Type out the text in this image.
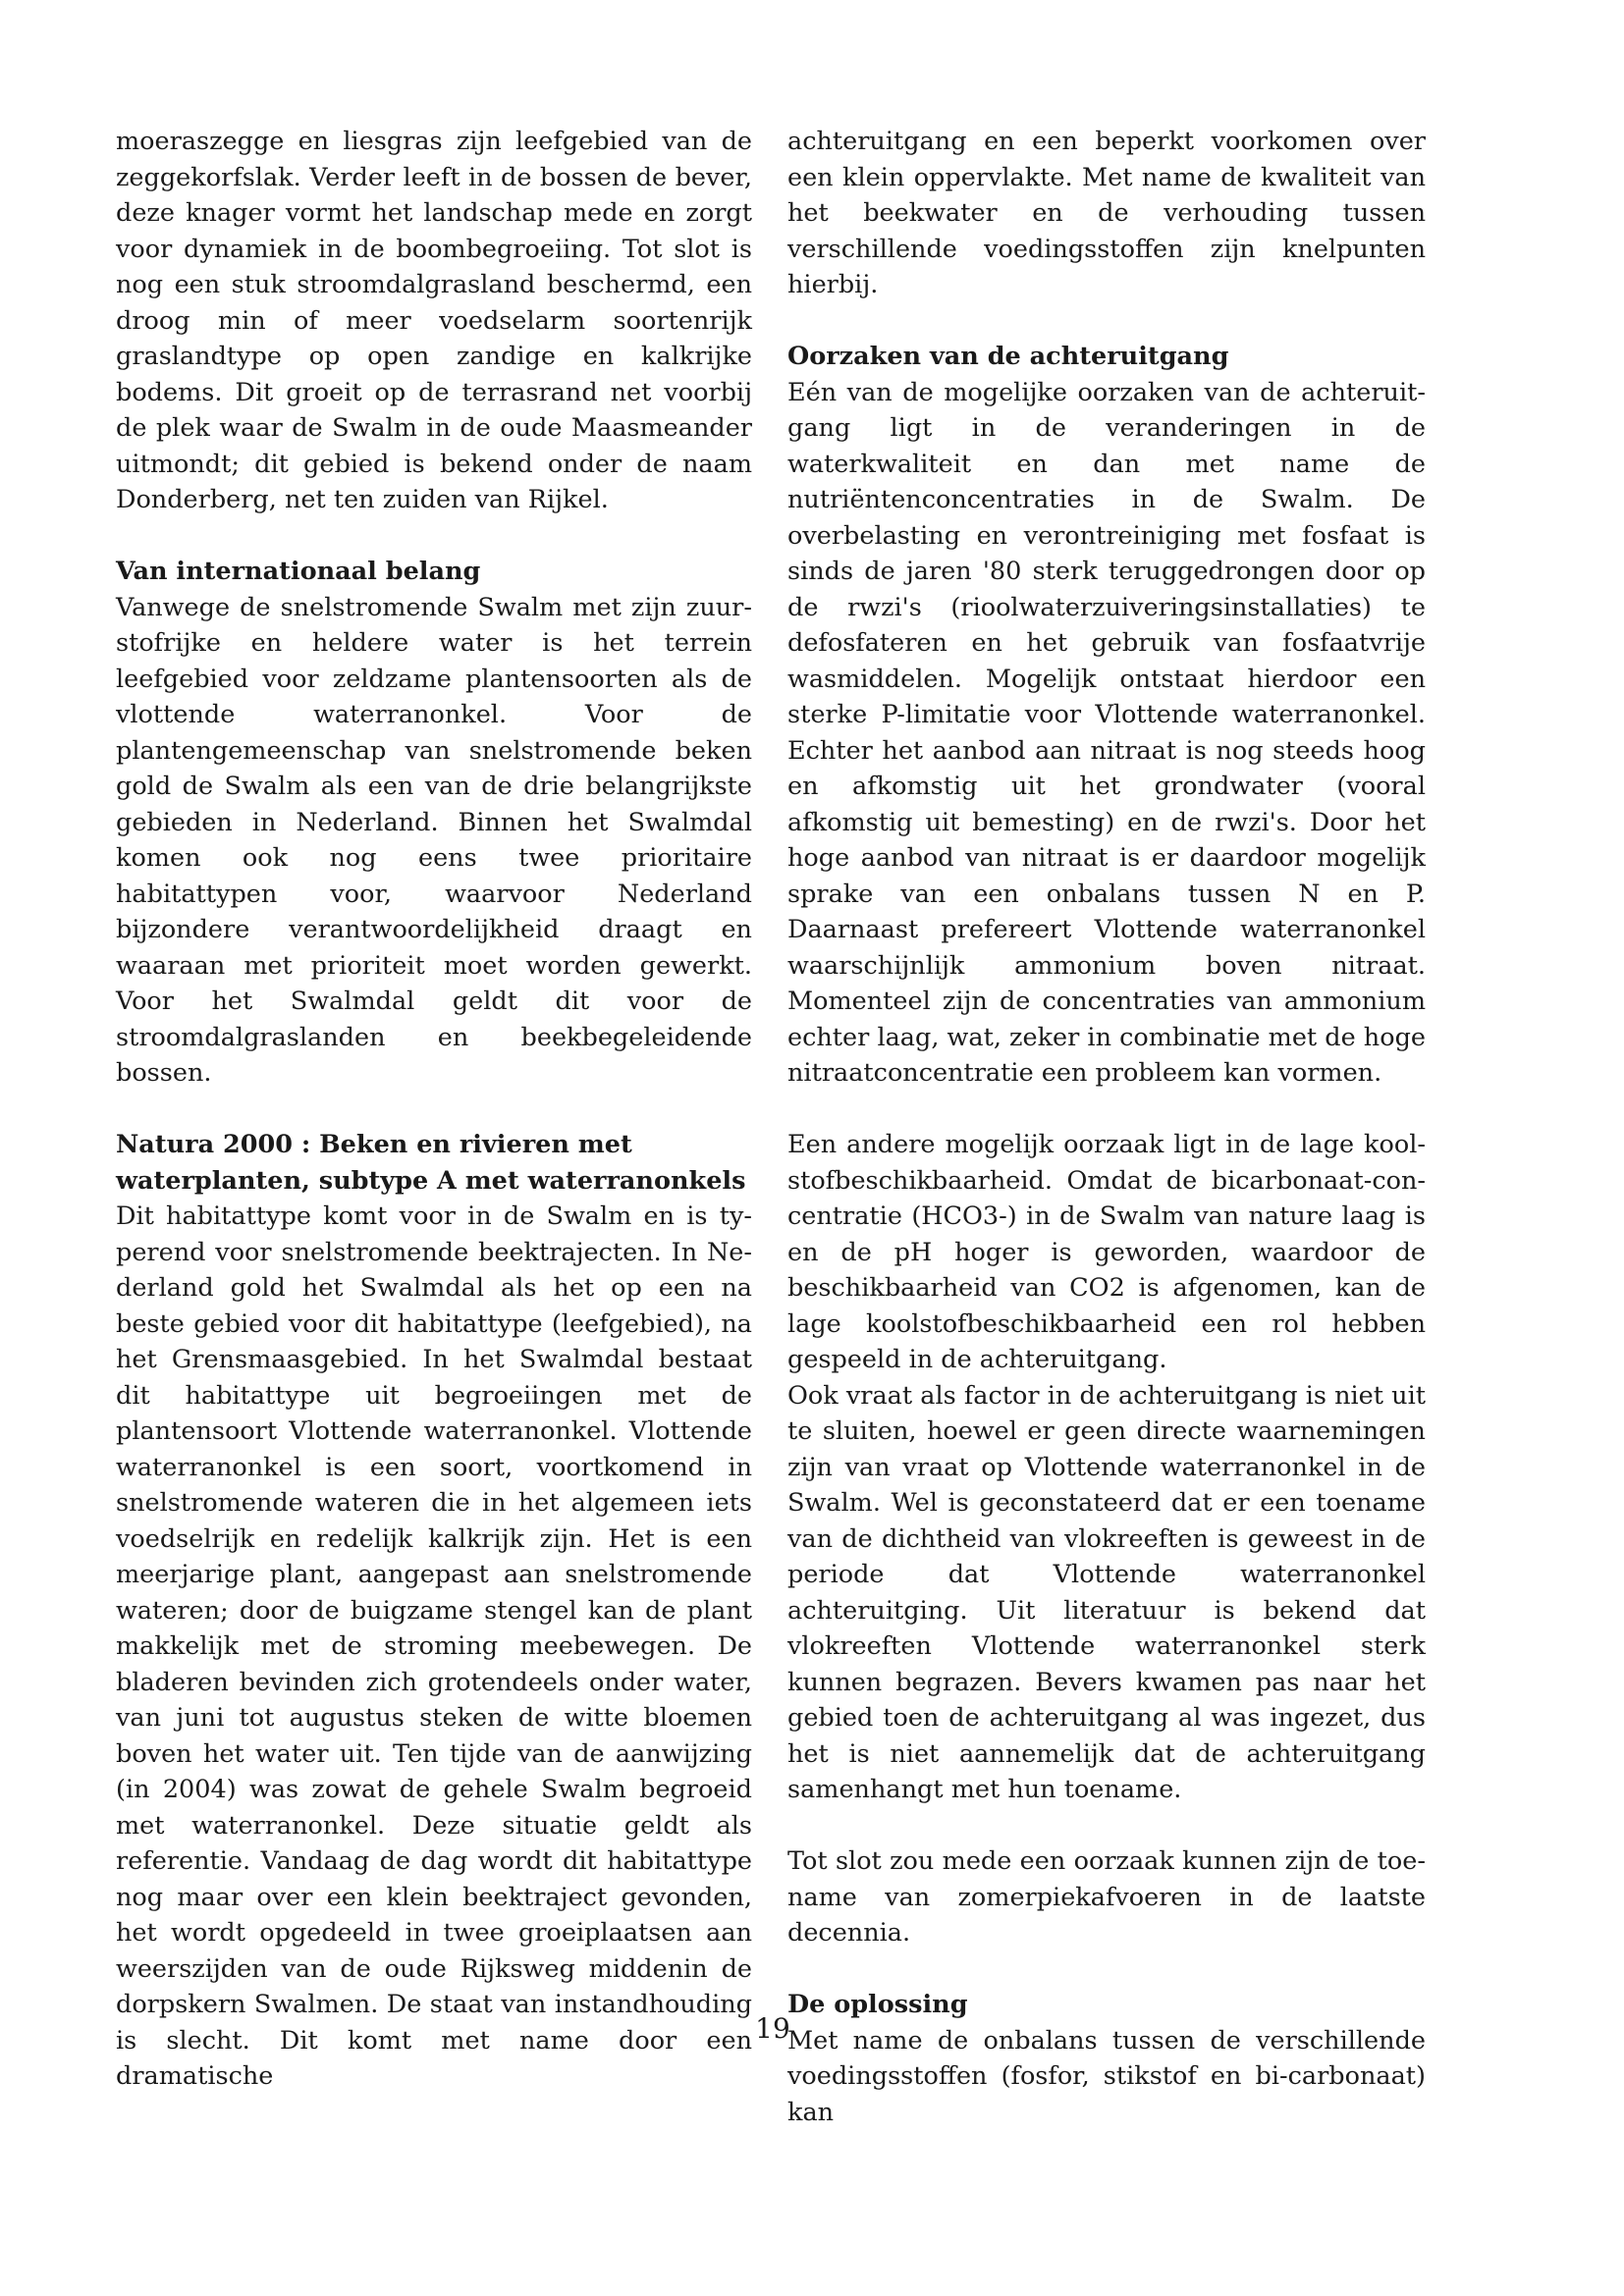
moeraszegge en liesgras zijn leefgebied van de zeggekorfslak. Verder leeft in de bossen de bever, deze knager vormt het landschap mede en zorgt voor dynamiek in de boombegroeiing. Tot slot is nog een stuk stroomdalgrasland beschermd, een droog min of meer voedselarm soortenrijk graslandtype op open zandige en kalkrijke bodems. Dit groeit op de terrasrand net voorbij de plek waar de Swalm in de oude Maasmeander uitmondt; dit gebied is bekend onder de naam Donderberg, net ten zuiden van Rijkel.

Van internationaal belang

Vanwege de snelstromende Swalm met zijn zuurstofrijke en heldere water is het terrein leefgebied voor zeldzame plantensoorten als de vlottende waterranonkel. Voor de plantengemeenschap van snelstromende beken gold de Swalm als een van de drie belangrijkste gebieden in Nederland. Binnen het Swalmdal komen ook nog eens twee prioritaire habitattypen voor, waarvoor Nederland bijzondere verantwoordelijkheid draagt en waaraan met prioriteit moet worden gewerkt. Voor het Swalmdal geldt dit voor de stroomdalgraslanden en beekbegeleidende bossen.

Natura 2000 : Beken en rivieren met waterplanten, subtype A met waterranonkels

Dit habitattype komt voor in de Swalm en is typerend voor snelstromende beektrajecten. In Nederland gold het Swalmdal als het op een na beste gebied voor dit habitattype (leefgebied), na het Grensmaasgebied. In het Swalmdal bestaat dit habitattype uit begroeiingen met de plantensoort Vlottende waterranonkel. Vlottende waterranonkel is een soort, voortkomend in snelstromende wateren die in het algemeen iets voedselrijk en redelijk kalkrijk zijn. Het is een meerjarige plant, aangepast aan snelstromende wateren; door de buigzame stengel kan de plant makkelijk met de stroming meebewegen. De bladeren bevinden zich grotendeels onder water, van juni tot augustus steken de witte bloemen boven het water uit. Ten tijde van de aanwijzing (in 2004) was zowat de gehele Swalm begroeid met waterranonkel. Deze situatie geldt als referentie. Vandaag de dag wordt dit habitattype nog maar over een klein beektraject gevonden, het wordt opgedeeld in twee groeiplaatsen aan weerszijden van de oude Rijksweg middenin de dorpskern Swalmen. De staat van instandhouding is slecht. Dit komt met name door een dramatische

achteruitgang en een beperkt voorkomen over een klein oppervlakte. Met name de kwaliteit van het beekwater en de verhouding tussen verschillende voedingsstoffen zijn knelpunten hierbij.

Oorzaken van de achteruitgang

Eén van de mogelijke oorzaken van de achteruitgang ligt in de veranderingen in de waterkwaliteit en dan met name de nutriëntenconcentraties in de Swalm. De overbelasting en verontreiniging met fosfaat is sinds de jaren '80 sterk teruggedrongen door op de rwzi's (rioolwaterzuiveringsinstallaties) te defosfateren en het gebruik van fosfaatvrije wasmiddelen. Mogelijk ontstaat hierdoor een sterke P-limitatie voor Vlottende waterranonkel. Echter het aanbod aan nitraat is nog steeds hoog en afkomstig uit het grondwater (vooral afkomstig uit bemesting) en de rwzi's. Door het hoge aanbod van nitraat is er daardoor mogelijk sprake van een onbalans tussen N en P. Daarnaast prefereert Vlottende waterranonkel waarschijnlijk ammonium boven nitraat. Momenteel zijn de concentraties van ammonium echter laag, wat, zeker in combinatie met de hoge nitraatconcentratie een probleem kan vormen.

Een andere mogelijk oorzaak ligt in de lage koolstofbeschikbaarheid. Omdat de bicarbonaat-concentratie (HCO3-) in de Swalm van nature laag is en de pH hoger is geworden, waardoor de beschikbaarheid van CO2 is afgenomen, kan de lage koolstofbeschikbaarheid een rol hebben gespeeld in de achteruitgang.

Ook vraat als factor in de achteruitgang is niet uit te sluiten, hoewel er geen directe waarnemingen zijn van vraat op Vlottende waterranonkel in de Swalm. Wel is geconstateerd dat er een toename van de dichtheid van vlokreeften is geweest in de periode dat Vlottende waterranonkel achteruitging. Uit literatuur is bekend dat vlokreeften Vlottende waterranonkel sterk kunnen begrazen. Bevers kwamen pas naar het gebied toen de achteruitgang al was ingezet, dus het is niet aannemelijk dat de achteruitgang samenhangt met hun toename.

Tot slot zou mede een oorzaak kunnen zijn de toename van zomerpiekafvoeren in de laatste decennia.

De oplossing

Met name de onbalans tussen de verschillende voedingsstoffen (fosfor, stikstof en bi-carbonaat) kan

19
